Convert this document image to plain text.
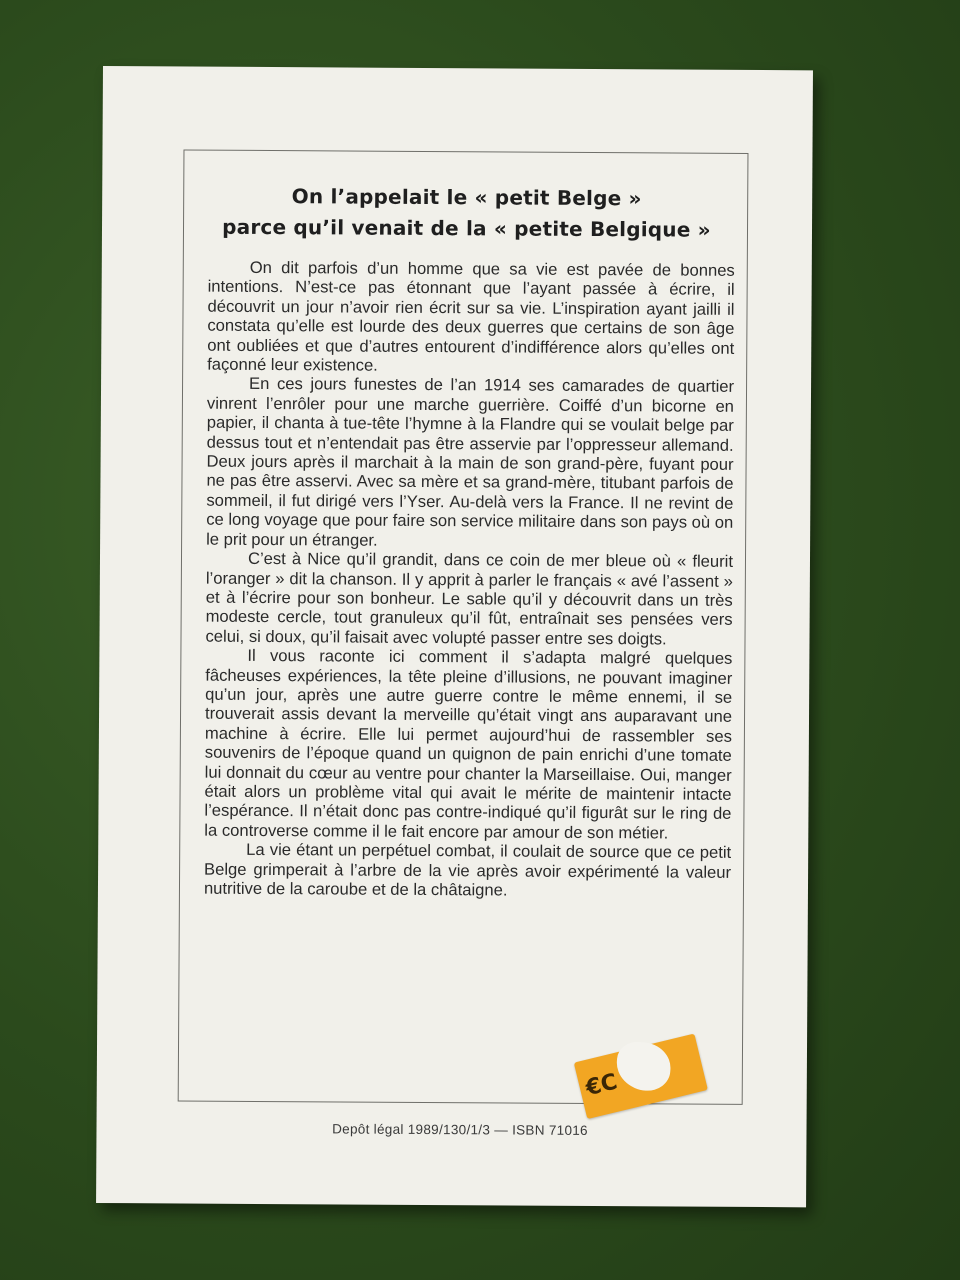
On l’appelait le « petit Belge »
parce qu’il venait de la « petite Belgique »

On dit parfois d’un homme que sa vie est pavée de bonnes intentions. N’est-ce pas étonnant que l’ayant passée à écrire, il découvrit un jour n’avoir rien écrit sur sa vie. L’inspiration ayant jailli il constata qu’elle est lourde des deux guerres que certains de son âge ont oubliées et que d’autres entourent d’indifférence alors qu’elles ont façonné leur existence.

En ces jours funestes de l’an 1914 ses camarades de quartier vinrent l’enrôler pour une marche guerrière. Coiffé d’un bicorne en papier, il chanta à tue-tête l’hymne à la Flandre qui se voulait belge par dessus tout et n’entendait pas être asservie par l’oppresseur allemand. Deux jours après il marchait à la main de son grand-père, fuyant pour ne pas être asservi. Avec sa mère et sa grand-mère, titubant parfois de sommeil, il fut dirigé vers l’Yser. Au-delà vers la France. Il ne revint de ce long voyage que pour faire son service militaire dans son pays où on le prit pour un étranger.

C’est à Nice qu’il grandit, dans ce coin de mer bleue où « fleurit l’oranger » dit la chanson. Il y apprit à parler le français « avé l’assent » et à l’écrire pour son bonheur. Le sable qu’il y découvrit dans un très modeste cercle, tout granuleux qu’il fût, entraînait ses pensées vers celui, si doux, qu’il faisait avec volupté passer entre ses doigts.

Il vous raconte ici comment il s’adapta malgré quelques fâcheuses expériences, la tête pleine d’illusions, ne pouvant imaginer qu’un jour, après une autre guerre contre le même ennemi, il se trouverait assis devant la merveille qu’était vingt ans auparavant une machine à écrire. Elle lui permet aujourd’hui de rassembler ses souvenirs de l’époque quand un quignon de pain enrichi d’une tomate lui donnait du cœur au ventre pour chanter la Marseillaise. Oui, manger était alors un problème vital qui avait le mérite de maintenir intacte l’espérance. Il n’était donc pas contre-indiqué qu’il figurât sur le ring de la controverse comme il le fait encore par amour de son métier.

La vie étant un perpétuel combat, il coulait de source que ce petit Belge grimperait à l’arbre de la vie après avoir expérimenté la valeur nutritive de la caroube et de la châtaigne.

€C
Depôt légal 1989/130/1/3 — ISBN 71016
